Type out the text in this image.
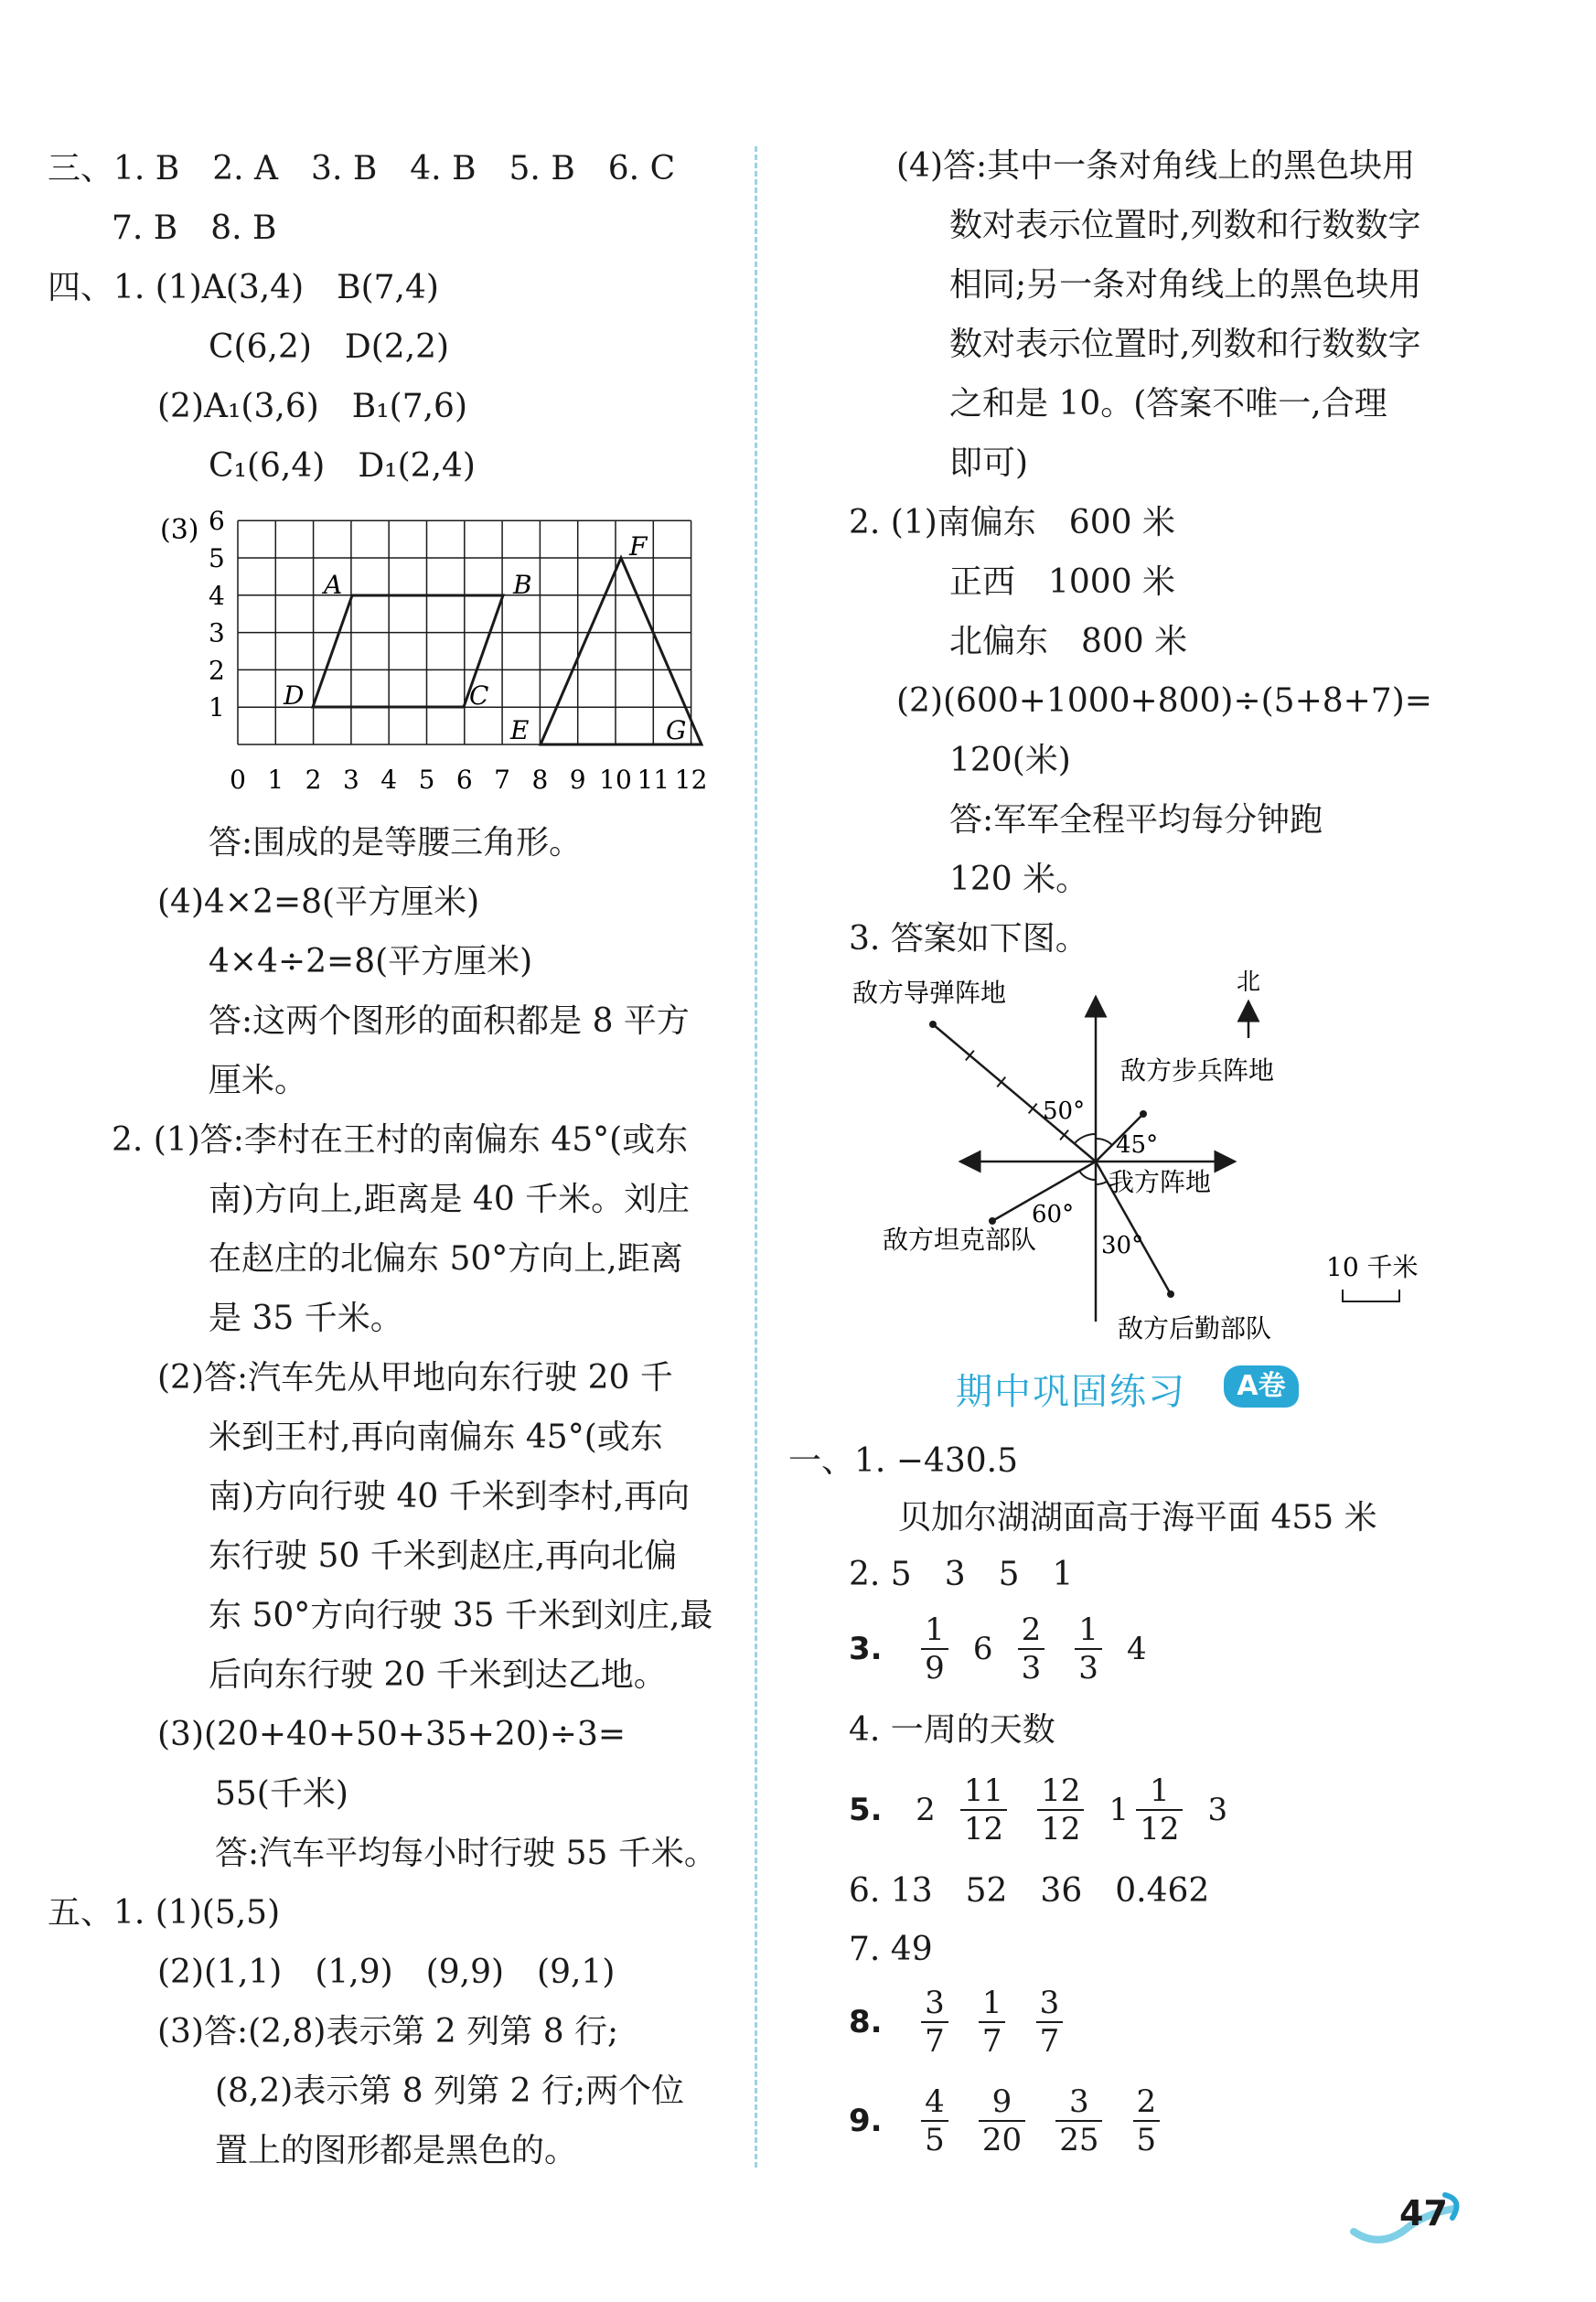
三、1. B　2. A　3. B　4. B　5. B　6. C
7. B　8. B
四、1. (1)A(3,4)　B(7,4)
C(6,2)　D(2,2)
(2)A₁(3,6)　B₁(7,6)
C₁(6,4)　D₁(2,4)
(3)
1
2
3
4
5
6
0 1 2 3 4 5 6 7 8 9 10 11 12
A	B
C
D
E
F
G
答:围成的是等腰三角形。
(4)4×2=8(平方厘米)
4×4÷2=8(平方厘米)
答:这两个图形的面积都是 8 平方
厘米。
2. (1)答:李村在王村的南偏东 45°(或东
南)方向上,距离是 40 千米。刘庄
在赵庄的北偏东 50°方向上,距离
是 35 千米。
(2)答:汽车先从甲地向东行驶 20 千
米到王村,再向南偏东 45°(或东
南)方向行驶 40 千米到李村,再向
东行驶 50 千米到赵庄,再向北偏
东 50°方向行驶 35 千米到刘庄,最
后向东行驶 20 千米到达乙地。
(3)(20+40+50+35+20)÷3=
55(千米)
答:汽车平均每小时行驶 55 千米。
五、1. (1)(5,5)
(2)(1,1)　(1,9)　(9,9)　(9,1)
(3)答:(2,8)表示第 2 列第 8 行;
(8,2)表示第 8 列第 2 行;两个位
置上的图形都是黑色的。
(4)答:其中一条对角线上的黑色块用
数对表示位置时,列数和行数数字
相同;另一条对角线上的黑色块用
数对表示位置时,列数和行数数字
之和是 10。(答案不唯一,合理
即可)
2. (1)南偏东　600 米
正西　1000 米
北偏东　800 米
(2)(600+1000+800)÷(5+8+7)=
120(米)
答:军军全程平均每分钟跑
120 米。
3. 答案如下图。
北
敌方导弹阵地
敌方步兵阵地
敌方坦克部队
敌方后勤部队
我方阵地
50°
45°
60°
30°
10 千米
期中巩固练习	A卷
一、1. −430.5
贝加尔湖湖面高于海平面 455 米
2. 5　3　5　1
3. $\frac{1}{9} 6 \frac{2}{3}$
$\frac{1}{3} 4$
4. 一周的天数
5. $2 \frac{11}{12}$
$\frac{12}{12} 1 \frac{1}{12} 3$
6. 13　52　36　0.462
7. 49
8. $\frac{3}{7}$
$\frac{1}{7}$
$\frac{3}{7}$
9. $\frac{4}{5}$
$\frac{9}{20}$
$\frac{3}{25}$
$\frac{2}{5}$
47
